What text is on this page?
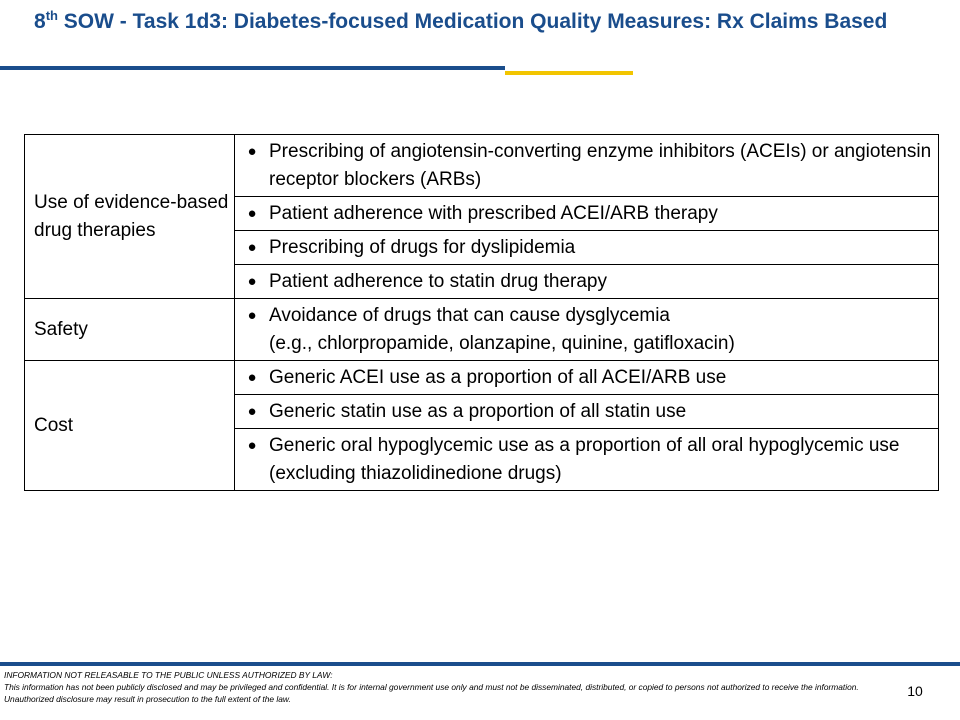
8th SOW - Task 1d3: Diabetes-focused Medication Quality Measures: Rx Claims Based
Use of evidence-based drug therapies	● Prescribing of angiotensin-converting enzyme inhibitors (ACEIs) or angiotensin receptor blockers (ARBs)

	● Patient adherence with prescribed ACEI/ARB therapy

	● Prescribing of drugs for dyslipidemia

	● Patient adherence to statin drug therapy

Safety	● Avoidance of drugs that can cause dysglycemia
(e.g., chlorpropamide, olanzapine, quinine, gatifloxacin)

Cost	● Generic ACEI use as a proportion of all ACEI/ARB use

	● Generic statin use as a proportion of all statin use

	● Generic oral hypoglycemic use as a proportion of all oral hypoglycemic use (excluding thiazolidinedione drugs)

INFORMATION NOT RELEASABLE TO THE PUBLIC UNLESS AUTHORIZED BY LAW:
This information has not been publicly disclosed and may be privileged and confidential. It is for internal government use only and must not be disseminated, distributed, or copied to persons not authorized to receive the information. Unauthorized disclosure may result in prosecution to the full extent of the law.	10
